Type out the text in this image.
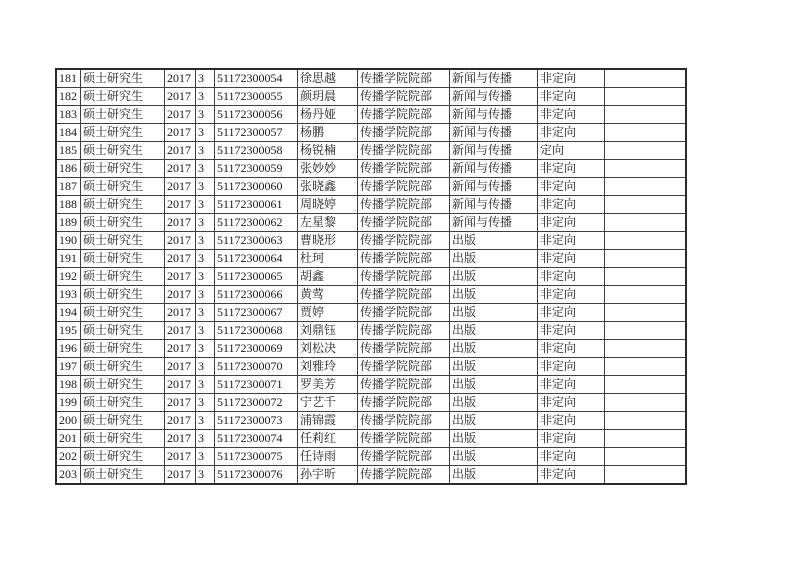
181	硕士研究生	2017	3	51172300054	徐思越	传播学院院部	新闻与传播	非定向	
182	硕士研究生	2017	3	51172300055	颜玥晨	传播学院院部	新闻与传播	非定向	
183	硕士研究生	2017	3	51172300056	杨丹娅	传播学院院部	新闻与传播	非定向	
184	硕士研究生	2017	3	51172300057	杨鹏	传播学院院部	新闻与传播	非定向	
185	硕士研究生	2017	3	51172300058	杨锐楠	传播学院院部	新闻与传播	定向	
186	硕士研究生	2017	3	51172300059	张妙妙	传播学院院部	新闻与传播	非定向	
187	硕士研究生	2017	3	51172300060	张晓鑫	传播学院院部	新闻与传播	非定向	
188	硕士研究生	2017	3	51172300061	周晓婷	传播学院院部	新闻与传播	非定向	
189	硕士研究生	2017	3	51172300062	左星黎	传播学院院部	新闻与传播	非定向	
190	硕士研究生	2017	3	51172300063	曹晓形	传播学院院部	出版	非定向	
191	硕士研究生	2017	3	51172300064	杜珂	传播学院院部	出版	非定向	
192	硕士研究生	2017	3	51172300065	胡鑫	传播学院院部	出版	非定向	
193	硕士研究生	2017	3	51172300066	黄莺	传播学院院部	出版	非定向	
194	硕士研究生	2017	3	51172300067	贾婷	传播学院院部	出版	非定向	
195	硕士研究生	2017	3	51172300068	刘鼎钰	传播学院院部	出版	非定向	
196	硕士研究生	2017	3	51172300069	刘松决	传播学院院部	出版	非定向	
197	硕士研究生	2017	3	51172300070	刘雅玲	传播学院院部	出版	非定向	
198	硕士研究生	2017	3	51172300071	罗美芳	传播学院院部	出版	非定向	
199	硕士研究生	2017	3	51172300072	宁艺千	传播学院院部	出版	非定向	
200	硕士研究生	2017	3	51172300073	浦锦霞	传播学院院部	出版	非定向	
201	硕士研究生	2017	3	51172300074	任莉红	传播学院院部	出版	非定向	
202	硕士研究生	2017	3	51172300075	任诗雨	传播学院院部	出版	非定向	
203	硕士研究生	2017	3	51172300076	孙宇昕	传播学院院部	出版	非定向	
